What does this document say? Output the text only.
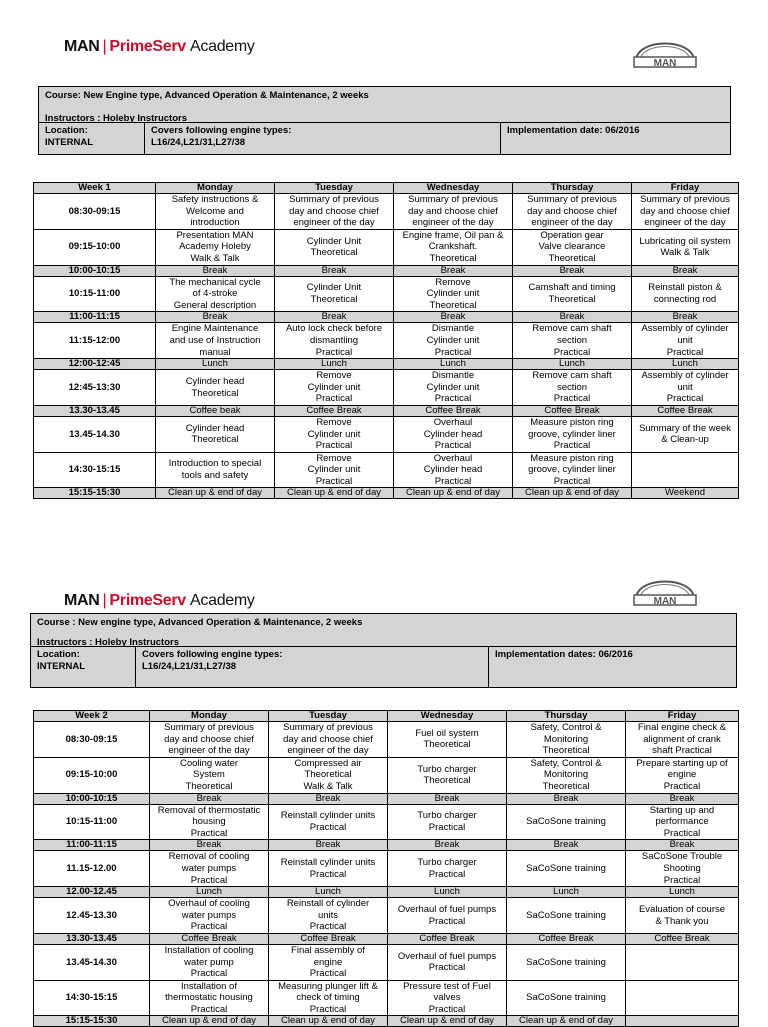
MAN | PrimeServ Academy
MAN
Course: New Engine type, Advanced Operation & Maintenance, 2 weeks
Instructors : Holeby Instructors
Location:
INTERNAL
Covers following engine types:
L16/24,L21/31,L27/38
Implementation date: 06/2016
Week 1	Monday	Tuesday	Wednesday	Thursday	Friday
08:30-09:15	Safety instructions &
Welcome and
introduction	Summary of previous
day and choose chief
engineer of the day	Summary of previous
day and choose chief
engineer of the day	Summary of previous
day and choose chief
engineer of the day	Summary of previous
day and choose chief
engineer of the day

09:15-10:00	Presentation MAN
Academy Holeby
Walk & Talk	Cylinder Unit
Theoretical	Engine frame, Oil pan &
Crankshaft.
Theoretical	Operation gear
Valve clearance
Theoretical	Lubricating oil system
Walk & Talk

10:00-10:15	Break	Break	Break	Break	Break

10:15-11:00	The mechanical cycle
of 4-stroke
General description	Cylinder Unit
Theoretical	Remove
Cylinder unit
Theoretical	Camshaft and timing
Theoretical	Reinstall piston &
connecting rod

11:00-11:15	Break	Break	Break	Break	Break

11:15-12:00	Engine Maintenance
and use of Instruction
manual	Auto lock check before
dismantling
Practical	Dismantle
Cylinder unit
Practical	Remove cam shaft
section
Practical	Assembly of cylinder
unit
Practical

12:00-12:45	Lunch	Lunch	Lunch	Lunch	Lunch

12:45-13:30	Cylinder head
Theoretical	Remove
Cylinder unit
Practical	Dismantle
Cylinder unit
Practical	Remove cam shaft
section
Practical	Assembly of cylinder
unit
Practical

13.30-13.45	Coffee beak	Coffee Break	Coffee Break	Coffee Break	Coffee Break

13.45-14.30	Cylinder head
Theoretical	Remove
Cylinder unit
Practical	Overhaul
Cylinder head
Practical	Measure piston ring
groove, cylinder liner
Practical	Summary of the week
& Clean-up

14:30-15:15	Introduction to special
tools and safety	Remove
Cylinder unit
Practical	Overhaul
Cylinder head
Practical	Measure piston ring
groove, cylinder liner
Practical	

15:15-15:30	Clean up & end of day	Clean up & end of day	Clean up & end of day	Clean up & end of day	Weekend
MAN | PrimeServ Academy	MAN
Course : New engine type, Advanced Operation & Maintenance, 2 weeks
Instructors : Holeby Instructors
Location:
INTERNAL
Covers following engine types:
L16/24,L21/31,L27/38
Implementation dates: 06/2016
Week 2	Monday	Tuesday	Wednesday	Thursday	Friday
08:30-09:15	Summary of previous
day and choose chief
engineer of the day	Summary of previous
day and choose chief
engineer of the day	Fuel oil system
Theoretical	Safety, Control &
Monitoring
Theoretical	Final engine check &
alignment of crank
shaft Practical

09:15-10:00	Cooling water
System
Theoretical	Compressed air
Theoretical
Walk & Talk	Turbo charger
Theoretical	Safety, Control &
Monitoring
Theoretical	Prepare starting up of
engine
Practical

10:00-10:15	Break	Break	Break	Break	Break

10:15-11:00	Removal of thermostatic
housing
Practical	Reinstall cylinder units
Practical	Turbo charger
Practical	SaCoSone training	Starting up and
performance
Practical

11:00-11:15	Break	Break	Break	Break	Break

11.15-12.00	Removal of cooling
water pumps
Practical	Reinstall cylinder units
Practical	Turbo charger
Practical	SaCoSone training	SaCoSone Trouble
Shooting
Practical

12.00-12.45	Lunch	Lunch	Lunch	Lunch	Lunch

12.45-13.30	Overhaul of cooling
water pumps
Practical	Reinstall of cylinder
units
Practical	Overhaul of fuel pumps
Practical	SaCoSone training	Evaluation of course
& Thank you

13.30-13.45	Coffee Break	Coffee Break	Coffee Break	Coffee Break	Coffee Break

13.45-14.30	Installation of cooling
water pump
Practical	Final assembly of
engine
Practical	Overhaul of fuel pumps
Practical	SaCoSone training	

14:30-15:15	Installation of
thermostatic housing
Practical	Measuring plunger lift &
check of timing
Practical	Pressure test of Fuel
valves
Practical	SaCoSone training	

15:15-15:30	Clean up & end of day	Clean up & end of day	Clean up & end of day	Clean up & end of day	
